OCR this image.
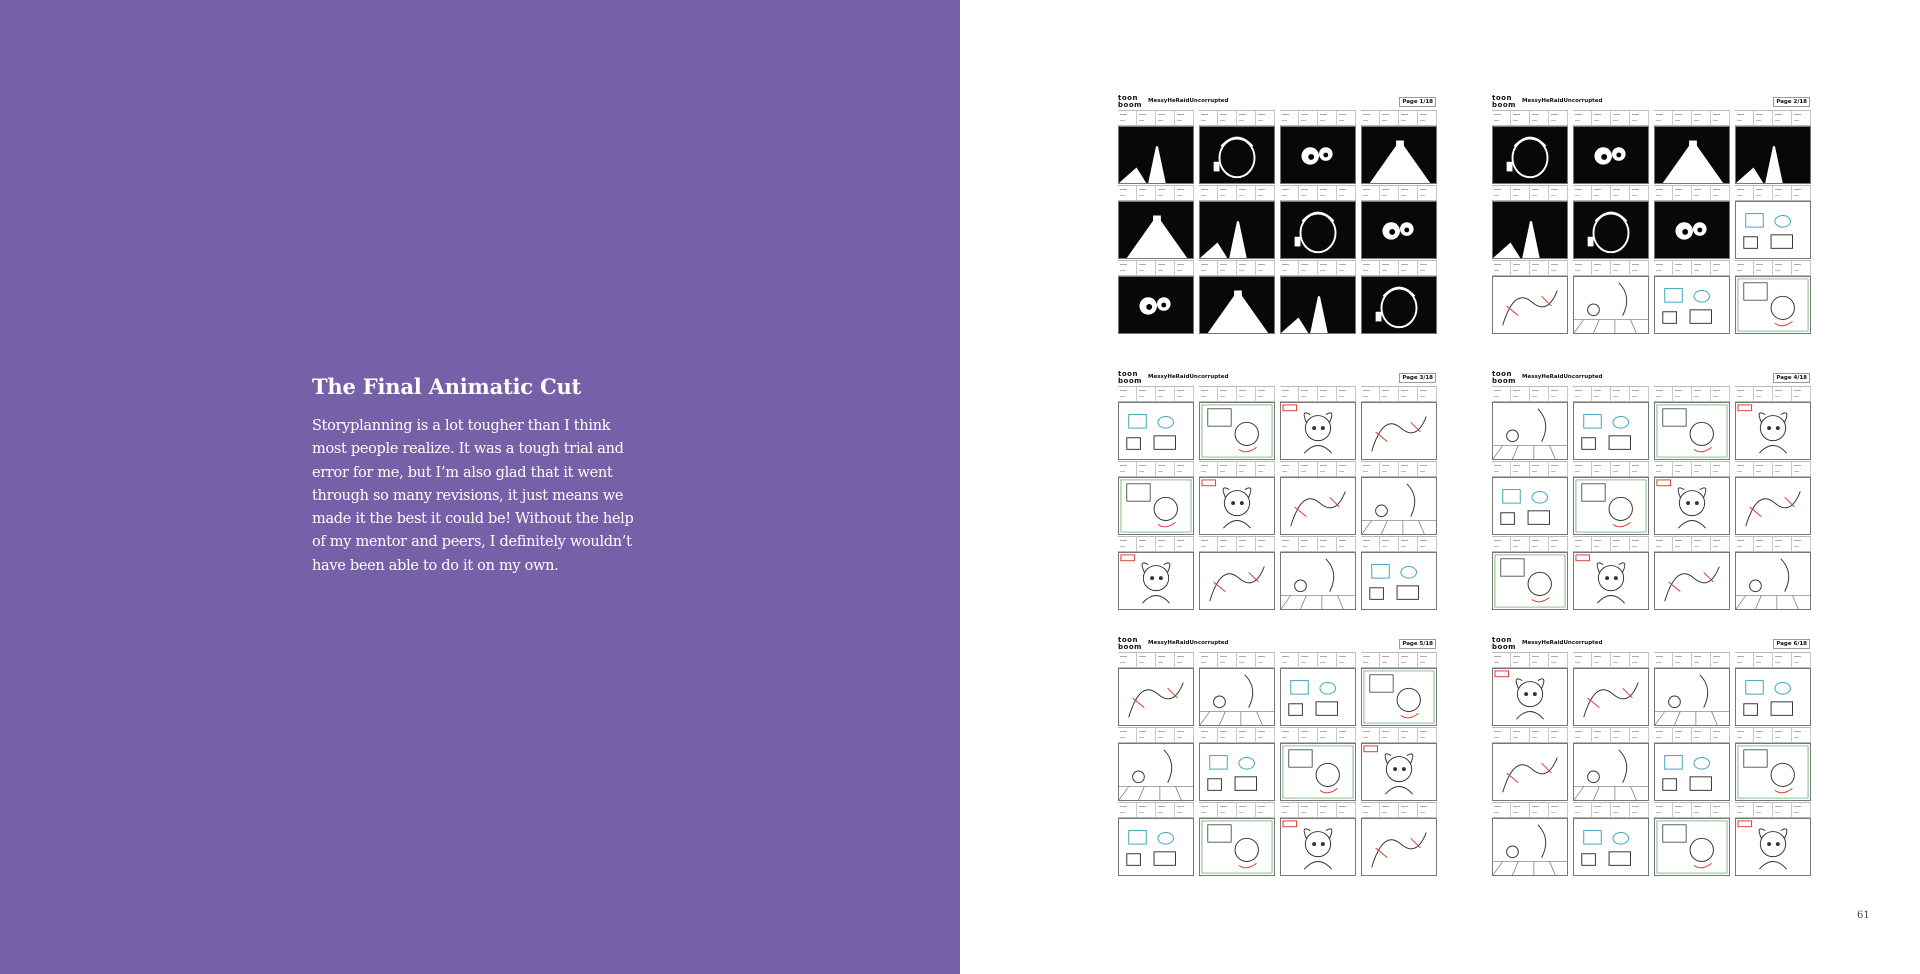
The Final Animatic Cut

Storyplanning is a lot tougher than I think most people realize. It was a tough trial and error for me, but I’m also glad that it went through so many revisions, it just means we made it the best it could be! Without the help of my mentor and peers, I definitely wouldn’t have been able to do it on my own.

toon
boom MessyHeRaidUncorrupted	Page 1/18	toon
boom MessyHeRaidUncorrupted	Page 2/18
toon
boom MessyHeRaidUncorrupted	Page 3/18	toon
boom MessyHeRaidUncorrupted	Page 4/18
toon
boom MessyHeRaidUncorrupted	Page 5/18	toon
boom MessyHeRaidUncorrupted	Page 6/18
61
